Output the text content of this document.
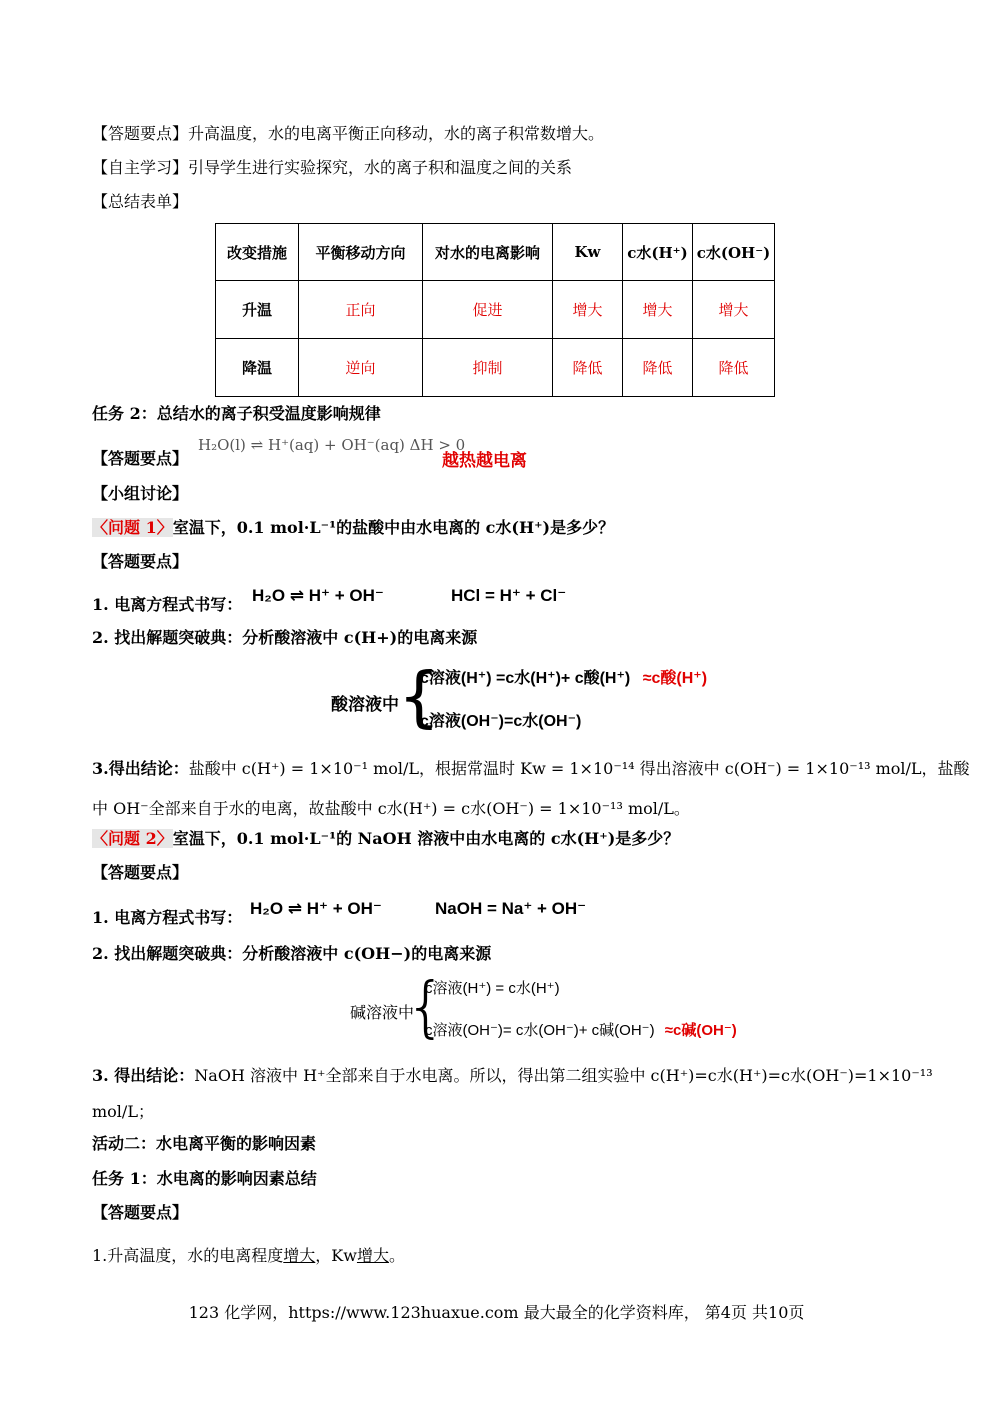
【答题要点】升高温度，水的电离平衡正向移动，水的离子积常数增大。
【自主学习】引导学生进行实验探究，水的离子积和温度之间的关系
【总结表单】
改变措施	平衡移动方向	对水的电离影响	Kw	c水(H⁺)	c水(OH⁻)
升温	正向	促进	增大	增大	增大
降温	逆向	抑制	降低	降低	降低
任务 2：总结水的离子积受温度影响规律
【答题要点】
H₂O(l) ⇌ H⁺(aq) + OH⁻(aq) ΔH > 0
越热越电离
【小组讨论】
〈问题 1〉室温下，0.1 mol·L⁻¹的盐酸中由水电离的 c水(H⁺)是多少？
【答题要点】
1. 电离方程式书写： H₂O ⇌ H⁺ + OH⁻	HCl = H⁺ + Cl⁻
2. 找出解题突破典：分析酸溶液中 c(H+)的电离来源
酸溶液中 {
c溶液(H⁺) =c水(H⁺)+ c酸(H⁺) ≈c酸(H⁺)
c溶液(OH⁻)=c水(OH⁻)
3.得出结论：盐酸中 c(H⁺) = 1×10⁻¹ mol/L，根据常温时 Kw = 1×10⁻¹⁴ 得出溶液中 c(OH⁻) = 1×10⁻¹³ mol/L，盐酸
中 OH⁻全部来自于水的电离，故盐酸中 c水(H⁺) = c水(OH⁻) = 1×10⁻¹³ mol/L。
〈问题 2〉室温下，0.1 mol·L⁻¹的 NaOH 溶液中由水电离的 c水(H⁺)是多少？
【答题要点】
1. 电离方程式书写： H₂O ⇌ H⁺ + OH⁻	NaOH = Na⁺ + OH⁻
2. 找出解题突破典：分析酸溶液中 c(OH−)的电离来源
碱溶液中
{
c溶液(H⁺) = c水(H⁺)
c溶液(OH⁻)= c水(OH⁻)+ c碱(OH⁻) ≈c碱(OH⁻)
3. 得出结论：NaOH 溶液中 H⁺全部来自于水电离。所以，得出第二组实验中 c(H⁺)=c水(H⁺)=c水(OH⁻)=1×10⁻¹³
mol/L；
活动二：水电离平衡的影响因素
任务 1：水电离的影响因素总结
【答题要点】
1.升高温度，水的电离程度增大，Kw增大。
123 化学网，https://www.123huaxue.com 最大最全的化学资料库， 第4页 共10页
